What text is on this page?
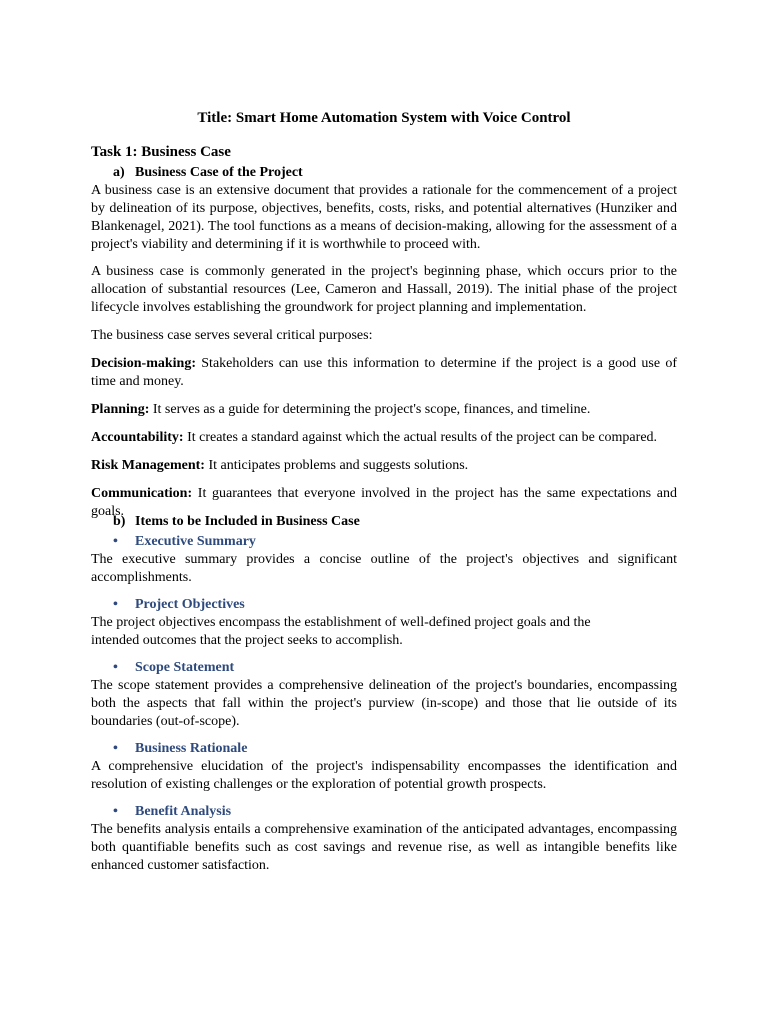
Title: Smart Home Automation System with Voice Control
Task 1: Business Case
a) Business Case of the Project

A business case is an extensive document that provides a rationale for the commencement of a project by delineation of its purpose, objectives, benefits, costs, risks, and potential alternatives (Hunziker and Blankenagel, 2021). The tool functions as a means of decision-making, allowing for the assessment of a project's viability and determining if it is worthwhile to proceed with.

A business case is commonly generated in the project's beginning phase, which occurs prior to the allocation of substantial resources (Lee, Cameron and Hassall, 2019). The initial phase of the project lifecycle involves establishing the groundwork for project planning and implementation.

The business case serves several critical purposes:

Decision-making: Stakeholders can use this information to determine if the project is a good use of time and money.

Planning: It serves as a guide for determining the project's scope, finances, and timeline.

Accountability: It creates a standard against which the actual results of the project can be compared.

Risk Management: It anticipates problems and suggests solutions.

Communication: It guarantees that everyone involved in the project has the same expectations and goals.

b) Items to be Included in Business Case
• Executive Summary

The executive summary provides a concise outline of the project's objectives and significant accomplishments.

• Project Objectives

The project objectives encompass the establishment of well-defined project goals and the intended outcomes that the project seeks to accomplish.

• Scope Statement

The scope statement provides a comprehensive delineation of the project's boundaries, encompassing both the aspects that fall within the project's purview (in-scope) and those that lie outside of its boundaries (out-of-scope).

• Business Rationale

A comprehensive elucidation of the project's indispensability encompasses the identification and resolution of existing challenges or the exploration of potential growth prospects.

• Benefit Analysis

The benefits analysis entails a comprehensive examination of the anticipated advantages, encompassing both quantifiable benefits such as cost savings and revenue rise, as well as intangible benefits like enhanced customer satisfaction.
